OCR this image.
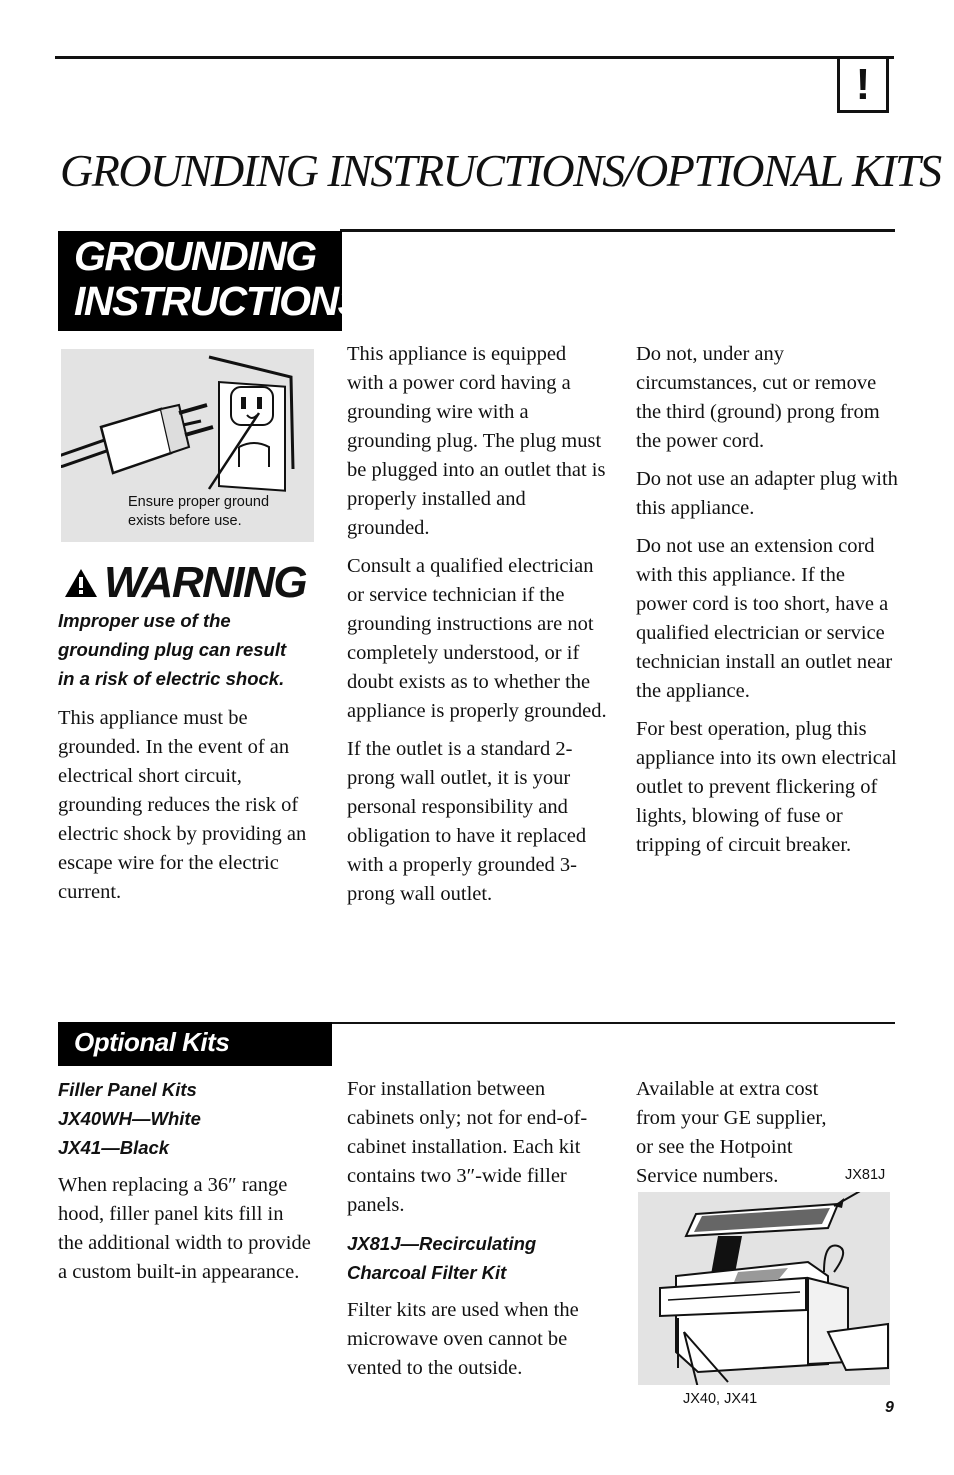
!
GROUNDING INSTRUCTIONS/OPTIONAL KITS
GROUNDING
INSTRUCTIONS
Ensure proper ground
exists before use.
WARNING
Improper use of the
grounding plug can result
in a risk of electric shock.

This appliance must be grounded. In the event of an electrical short circuit, grounding reduces the risk of electric shock by providing an escape wire for the electric current.

This appliance is equipped with a power cord having a grounding wire with a grounding plug. The plug must be plugged into an outlet that is properly installed and grounded.

Consult a qualified electrician or service technician if the grounding instructions are not completely understood, or if doubt exists as to whether the appliance is properly grounded.

If the outlet is a standard 2-prong wall outlet, it is your personal responsibility and obligation to have it replaced with a properly grounded 3-prong wall outlet.

Do not, under any circumstances, cut or remove the third (ground) prong from the power cord.

Do not use an adapter plug with this appliance.

Do not use an extension cord with this appliance. If the power cord is too short, have a qualified electrician or service technician install an outlet near the appliance.

For best operation, plug this appliance into its own electrical outlet to prevent flickering of lights, blowing of fuse or tripping of circuit breaker.

Optional Kits
Filler Panel Kits
JX40WH—White
JX41—Black

When replacing a 36″ range hood, filler panel kits fill in the additional width to provide a custom built-in appearance.

For installation between cabinets only; not for end-of-cabinet installation. Each kit contains two 3″-wide filler panels.

JX81J—Recirculating
Charcoal Filter Kit

Filter kits are used when the microwave oven cannot be vented to the outside.

Available at extra cost from your GE supplier, or see the Hotpoint Service numbers.	JX81J
JX40, JX41	9
